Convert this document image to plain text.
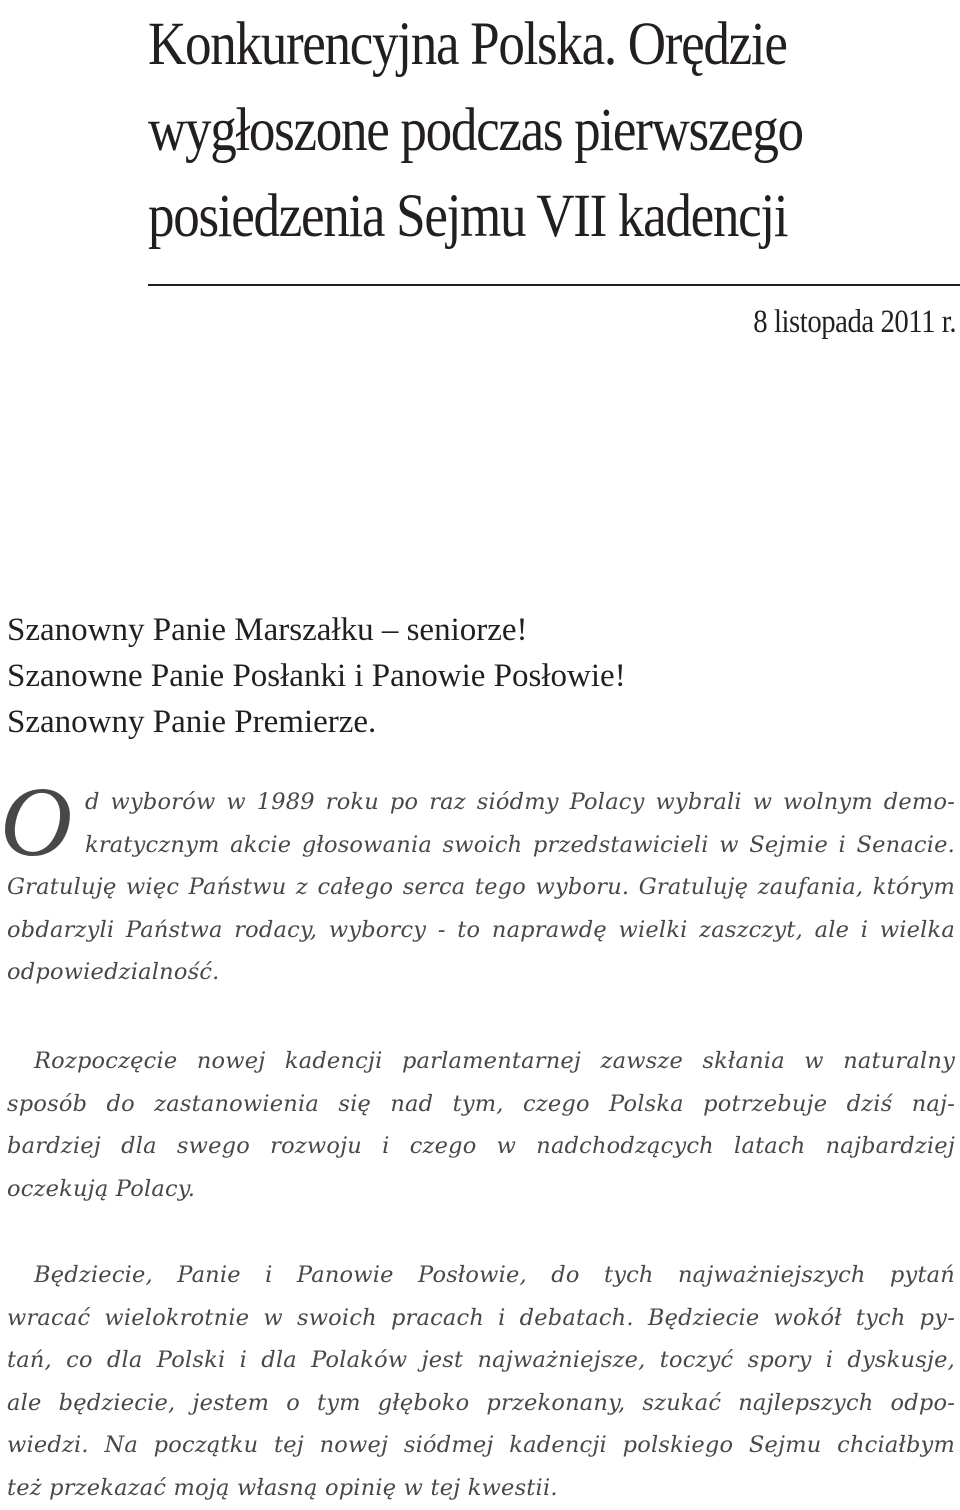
Konkurencyjna Polska. Orędzie
wygłoszone podczas pierwszego
posiedzenia Sejmu VII kadencji
8 listopada 2011 r.
Szanowny Panie Marszałku – seniorze!
Szanowne Panie Posłanki i Panowie Posłowie!
Szanowny Panie Premierze.
O d wyborów w 1989 roku po raz siódmy Polacy wybrali w wolnym demo-
kratycznym akcie głosowania swoich przedstawicieli w Sejmie i Senacie.
Gratuluję więc Państwu z całego serca tego wyboru. Gratuluję zaufania, którym
obdarzyli Państwa rodacy, wyborcy - to naprawdę wielki zaszczyt, ale i wielka
odpowiedzialność.
Rozpoczęcie nowej kadencji parlamentarnej zawsze skłania w naturalny
sposób do zastanowienia się nad tym, czego Polska potrzebuje dziś naj-
bardziej dla swego rozwoju i czego w nadchodzących latach najbardziej
oczekują Polacy.
Będziecie, Panie i Panowie Posłowie, do tych najważniejszych pytań
wracać wielokrotnie w swoich pracach i debatach. Będziecie wokół tych py-
tań, co dla Polski i dla Polaków jest najważniejsze, toczyć spory i dyskusje,
ale będziecie, jestem o tym głęboko przekonany, szukać najlepszych odpo-
wiedzi. Na początku tej nowej siódmej kadencji polskiego Sejmu chciałbym
też przekazać moją własną opinię w tej kwestii.
